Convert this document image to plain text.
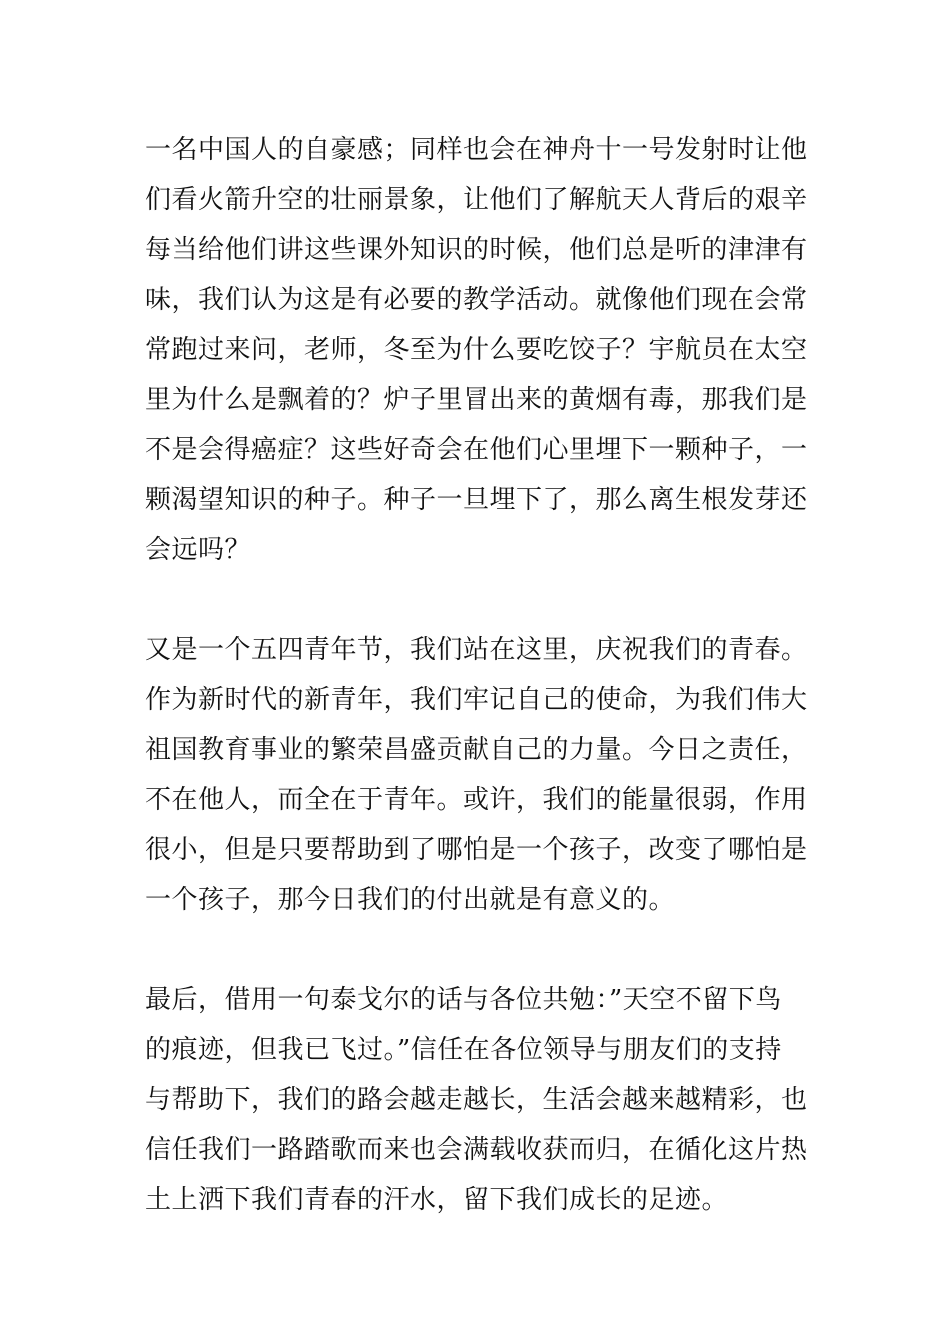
一名中国人的自豪感；同样也会在神舟十一号发射时让他

们看火箭升空的壮丽景象，让他们了解航天人背后的艰辛

每当给他们讲这些课外知识的时候，他们总是听的津津有

味，我们认为这是有必要的教学活动。就像他们现在会常

常跑过来问，老师，冬至为什么要吃饺子？宇航员在太空

里为什么是飘着的？炉子里冒出来的黄烟有毒，那我们是

不是会得癌症？这些好奇会在他们心里埋下一颗种子，一

颗渴望知识的种子。种子一旦埋下了，那么离生根发芽还

会远吗？

又是一个五四青年节，我们站在这里，庆祝我们的青春。

作为新时代的新青年，我们牢记自己的使命，为我们伟大

祖国教育事业的繁荣昌盛贡献自己的力量。今日之责任，

不在他人，而全在于青年。或许，我们的能量很弱，作用

很小，但是只要帮助到了哪怕是一个孩子，改变了哪怕是

一个孩子，那今日我们的付出就是有意义的。

最后，借用一句泰戈尔的话与各位共勉：”天空不留下鸟

的痕迹，但我已飞过。”信任在各位领导与朋友们的支持

与帮助下，我们的路会越走越长，生活会越来越精彩，也

信任我们一路踏歌而来也会满载收获而归，在循化这片热

土上洒下我们青春的汗水，留下我们成长的足迹。
